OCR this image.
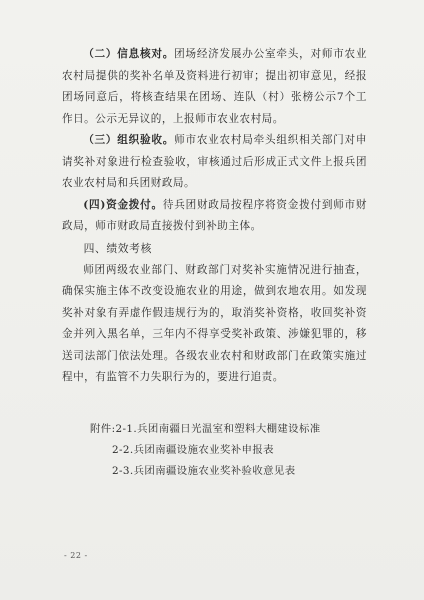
（二）信息核对。团场经济发展办公室牵头，对师市农业农村局提供的奖补名单及资料进行初审；提出初审意见，经报团场同意后，将核查结果在团场、连队（村）张榜公示7个工作日。公示无异议的，上报师市农业农村局。

（三）组织验收。师市农业农村局牵头组织相关部门对申请奖补对象进行检查验收，审核通过后形成正式文件上报兵团农业农村局和兵团财政局。

(四)资金拨付。待兵团财政局按程序将资金拨付到师市财政局，师市财政局直接拨付到补助主体。

四、绩效考核

师团两级农业部门、财政部门对奖补实施情况进行抽查，确保实施主体不改变设施农业的用途，做到农地农用。如发现奖补对象有弄虚作假违规行为的，取消奖补资格，收回奖补资金并列入黑名单，三年内不得享受奖补政策、涉嫌犯罪的，移送司法部门依法处理。各级农业农村和财政部门在政策实施过程中，有监管不力失职行为的，要进行追责。

附件:2-1.兵团南疆日光温室和塑料大棚建设标准

2-2.兵团南疆设施农业奖补申报表

2-3.兵团南疆设施农业奖补验收意见表

- 22 -
